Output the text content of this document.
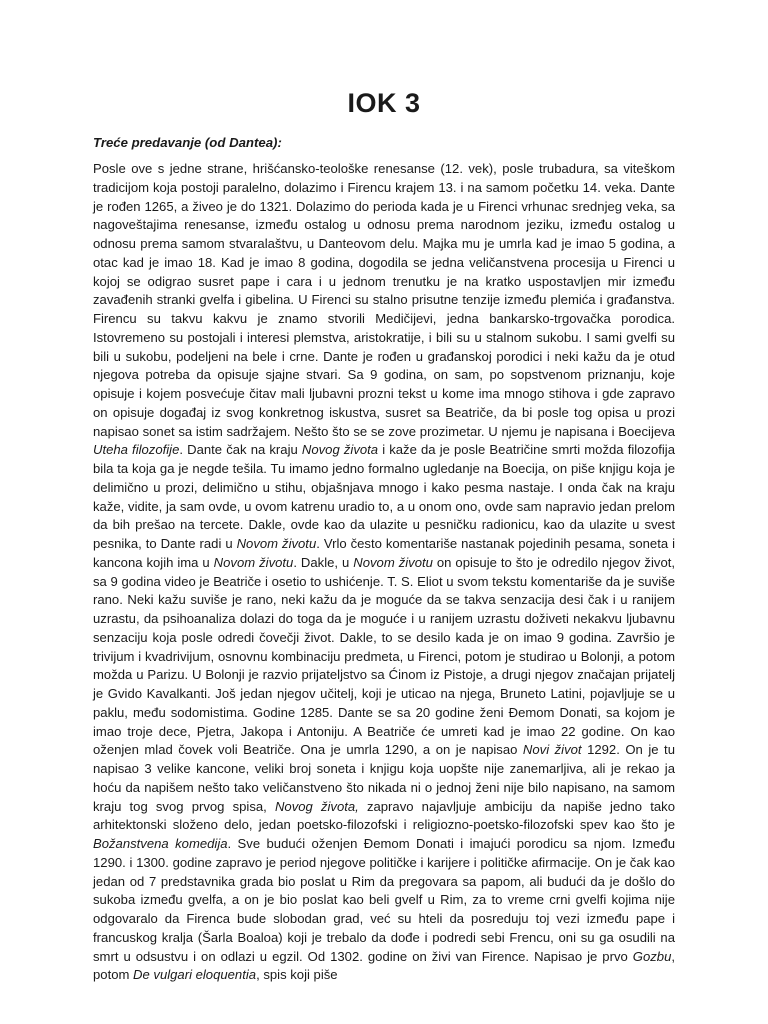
IOK 3
Treće predavanje (od Dantea):
Posle ove s jedne strane, hrišćansko-teološke renesanse (12. vek), posle trubadura, sa viteškom tradicijom koja postoji paralelno, dolazimo i Firencu krajem 13. i na samom početku 14. veka. Dante je rođen 1265, a živeo je do 1321. Dolazimo do perioda kada je u Firenci vrhunac srednjeg veka, sa nagoveštajima renesanse, između ostalog u odnosu prema narodnom jeziku, između ostalog u odnosu prema samom stvaralaštvu, u Danteovom delu. Majka mu je umrla kad je imao 5 godina, a otac kad je imao 18. Kad je imao 8 godina, dogodila se jedna veličanstvena procesija u Firenci u kojoj se odigrao susret pape i cara i u jednom trenutku je na kratko uspostavljen mir između zavađenih stranki gvelfa i gibelina. U Firenci su stalno prisutne tenzije između plemića i građanstva. Firencu su takvu kakvu je znamo stvorili Medičijevi, jedna bankarsko-trgovačka porodica. Istovremeno su postojali i interesi plemstva, aristokratije, i bili su u stalnom sukobu. I sami gvelfi su bili u sukobu, podeljeni na bele i crne. Dante je rođen u građanskoj porodici i neki kažu da je otud njegova potreba da opisuje sjajne stvari. Sa 9 godina, on sam, po sopstvenom priznanju, koje opisuje i kojem posvećuje čitav mali ljubavni prozni tekst u kome ima mnogo stihova i gde zapravo on opisuje događaj iz svog konkretnog iskustva, susret sa Beatriče, da bi posle tog opisa u prozi napisao sonet sa istim sadržajem. Nešto što se se zove prozimetar. U njemu je napisana i Boecijeva Uteha filozofije. Dante čak na kraju Novog života i kaže da je posle Beatričine smrti možda filozofija bila ta koja ga je negde tešila. Tu imamo jedno formalno ugledanje na Boecija, on piše knjigu koja je delimično u prozi, delimično u stihu, objašnjava mnogo i kako pesma nastaje. I onda čak na kraju kaže, vidite, ja sam ovde, u ovom katrenu uradio to, a u onom ono, ovde sam napravio jedan prelom da bih prešao na tercete. Dakle, ovde kao da ulazite u pesničku radionicu, kao da ulazite u svest pesnika, to Dante radi u Novom životu. Vrlo često komentariše nastanak pojedinih pesama, soneta i kancona kojih ima u Novom životu. Dakle, u Novom životu on opisuje to što je odredilo njegov život, sa 9 godina video je Beatriče i osetio to ushićenje. T. S. Eliot u svom tekstu komentariše da je suviše rano. Neki kažu suviše je rano, neki kažu da je moguće da se takva senzacija desi čak i u ranijem uzrastu, da psihoanaliza dolazi do toga da je moguće i u ranijem uzrastu doživeti nekakvu ljubavnu senzaciju koja posle odredi čovečji život. Dakle, to se desilo kada je on imao 9 godina. Završio je trivijum i kvadrivijum, osnovnu kombinaciju predmeta, u Firenci, potom je studirao u Bolonji, a potom možda u Parizu. U Bolonji je razvio prijateljstvo sa Ćinom iz Pistoje, a drugi njegov značajan prijatelj je Gvido Kavalkanti. Još jedan njegov učitelj, koji je uticao na njega, Bruneto Latini, pojavljuje se u paklu, među sodomistima. Godine 1285. Dante se sa 20 godine ženi Đemom Donati, sa kojom je imao troje dece, Pjetra, Jakopa i Antoniju. A Beatriče će umreti kad je imao 22 godine. On kao oženjen mlad čovek voli Beatriče. Ona je umrla 1290, a on je napisao Novi život 1292. On je tu napisao 3 velike kancone, veliki broj soneta i knjigu koja uopšte nije zanemarljiva, ali je rekao ja hoću da napišem nešto tako veličanstveno što nikada ni o jednoj ženi nije bilo napisano, na samom kraju tog svog prvog spisa, Novog života, zapravo najavljuje ambiciju da napiše jedno tako arhitektonski složeno delo, jedan poetsko-filozofski i religiozno-poetsko-filozofski spev kao što je Božanstvena komedija. Sve budući oženjen Đemom Donati i imajući porodicu sa njom. Između 1290. i 1300. godine zapravo je period njegove političke i karijere i političke afirmacije. On je čak kao jedan od 7 predstavnika grada bio poslat u Rim da pregovara sa papom, ali budući da je došlo do sukoba između gvelfa, a on je bio poslat kao beli gvelf u Rim, za to vreme crni gvelfi kojima nije odgovaralo da Firenca bude slobodan grad, već su hteli da posreduju toj vezi između pape i francuskog kralja (Šarla Boaloa) koji je trebalo da dođe i podredi sebi Frencu, oni su ga osudili na smrt u odsustvu i on odlazi u egzil. Od 1302. godine on živi van Firence. Napisao je prvo Gozbu, potom De vulgari eloquentia, spis koji piše
